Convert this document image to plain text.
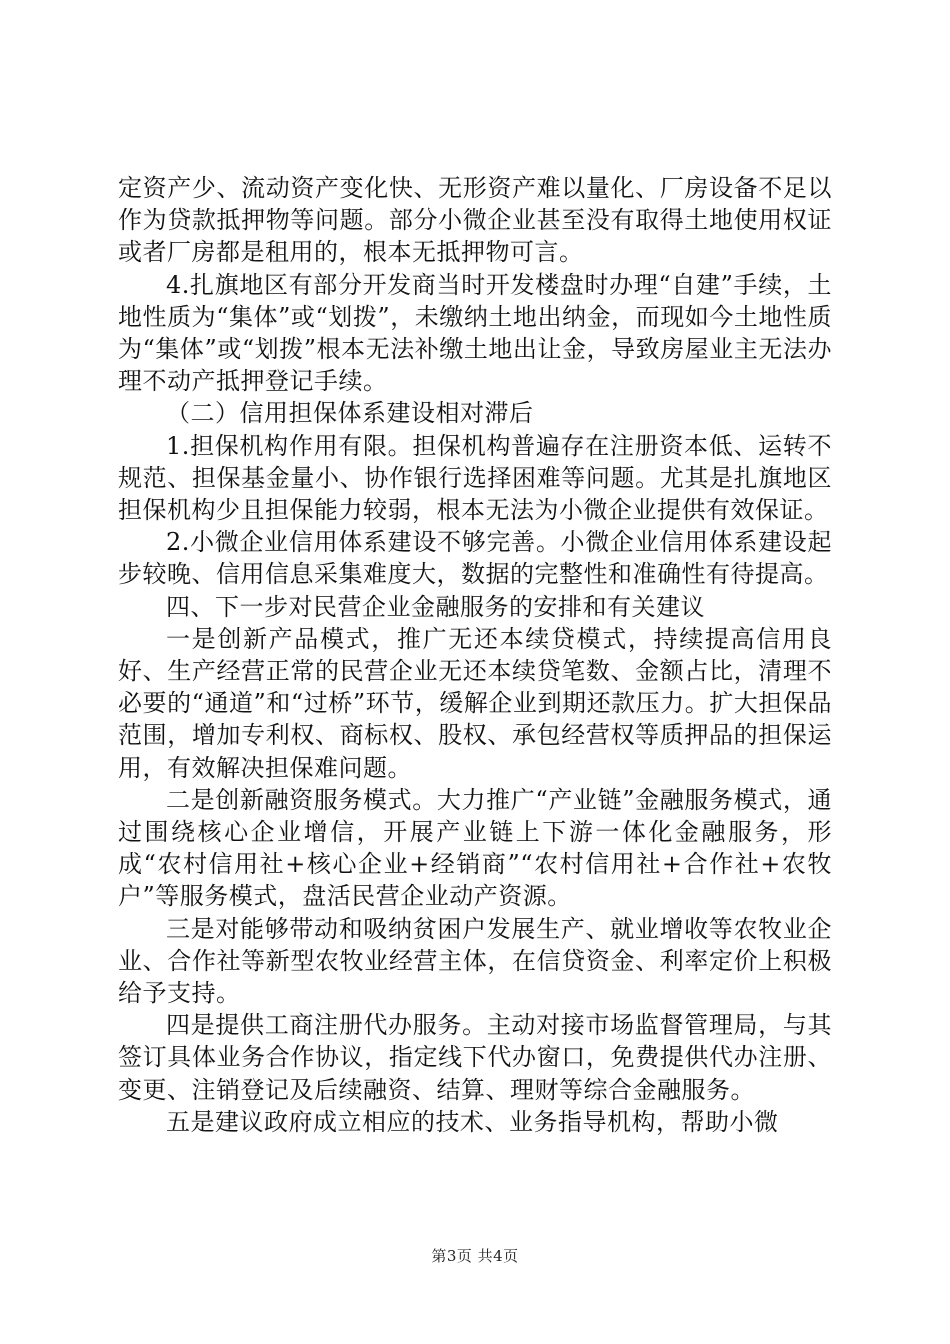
定资产少、流动资产变化快、无形资产难以量化、厂房设备不足以作为贷款抵押物等问题。部分小微企业甚至没有取得土地使用权证或者厂房都是租用的，根本无抵押物可言。

4.扎旗地区有部分开发商当时开发楼盘时办理“自建”手续，土地性质为“集体”或“划拨”，未缴纳土地出纳金，而现如今土地性质为“集体”或“划拨”根本无法补缴土地出让金，导致房屋业主无法办理不动产抵押登记手续。

（二）信用担保体系建设相对滞后

1.担保机构作用有限。担保机构普遍存在注册资本低、运转不规范、担保基金量小、协作银行选择困难等问题。尤其是扎旗地区担保机构少且担保能力较弱，根本无法为小微企业提供有效保证。

2.小微企业信用体系建设不够完善。小微企业信用体系建设起步较晚、信用信息采集难度大，数据的完整性和准确性有待提高。

四、下一步对民营企业金融服务的安排和有关建议

一是创新产品模式，推广无还本续贷模式，持续提高信用良好、生产经营正常的民营企业无还本续贷笔数、金额占比，清理不必要的“通道”和“过桥”环节，缓解企业到期还款压力。扩大担保品范围，增加专利权、商标权、股权、承包经营权等质押品的担保运用，有效解决担保难问题。

二是创新融资服务模式。大力推广“产业链”金融服务模式，通过围绕核心企业增信，开展产业链上下游一体化金融服务，形成“农村信用社+核心企业+经销商”“农村信用社+合作社+农牧户”等服务模式，盘活民营企业动产资源。

三是对能够带动和吸纳贫困户发展生产、就业增收等农牧业企业、合作社等新型农牧业经营主体，在信贷资金、利率定价上积极给予支持。

四是提供工商注册代办服务。主动对接市场监督管理局，与其签订具体业务合作协议，指定线下代办窗口，免费提供代办注册、变更、注销登记及后续融资、结算、理财等综合金融服务。

五是建议政府成立相应的技术、业务指导机构，帮助小微

第3页 共4页
